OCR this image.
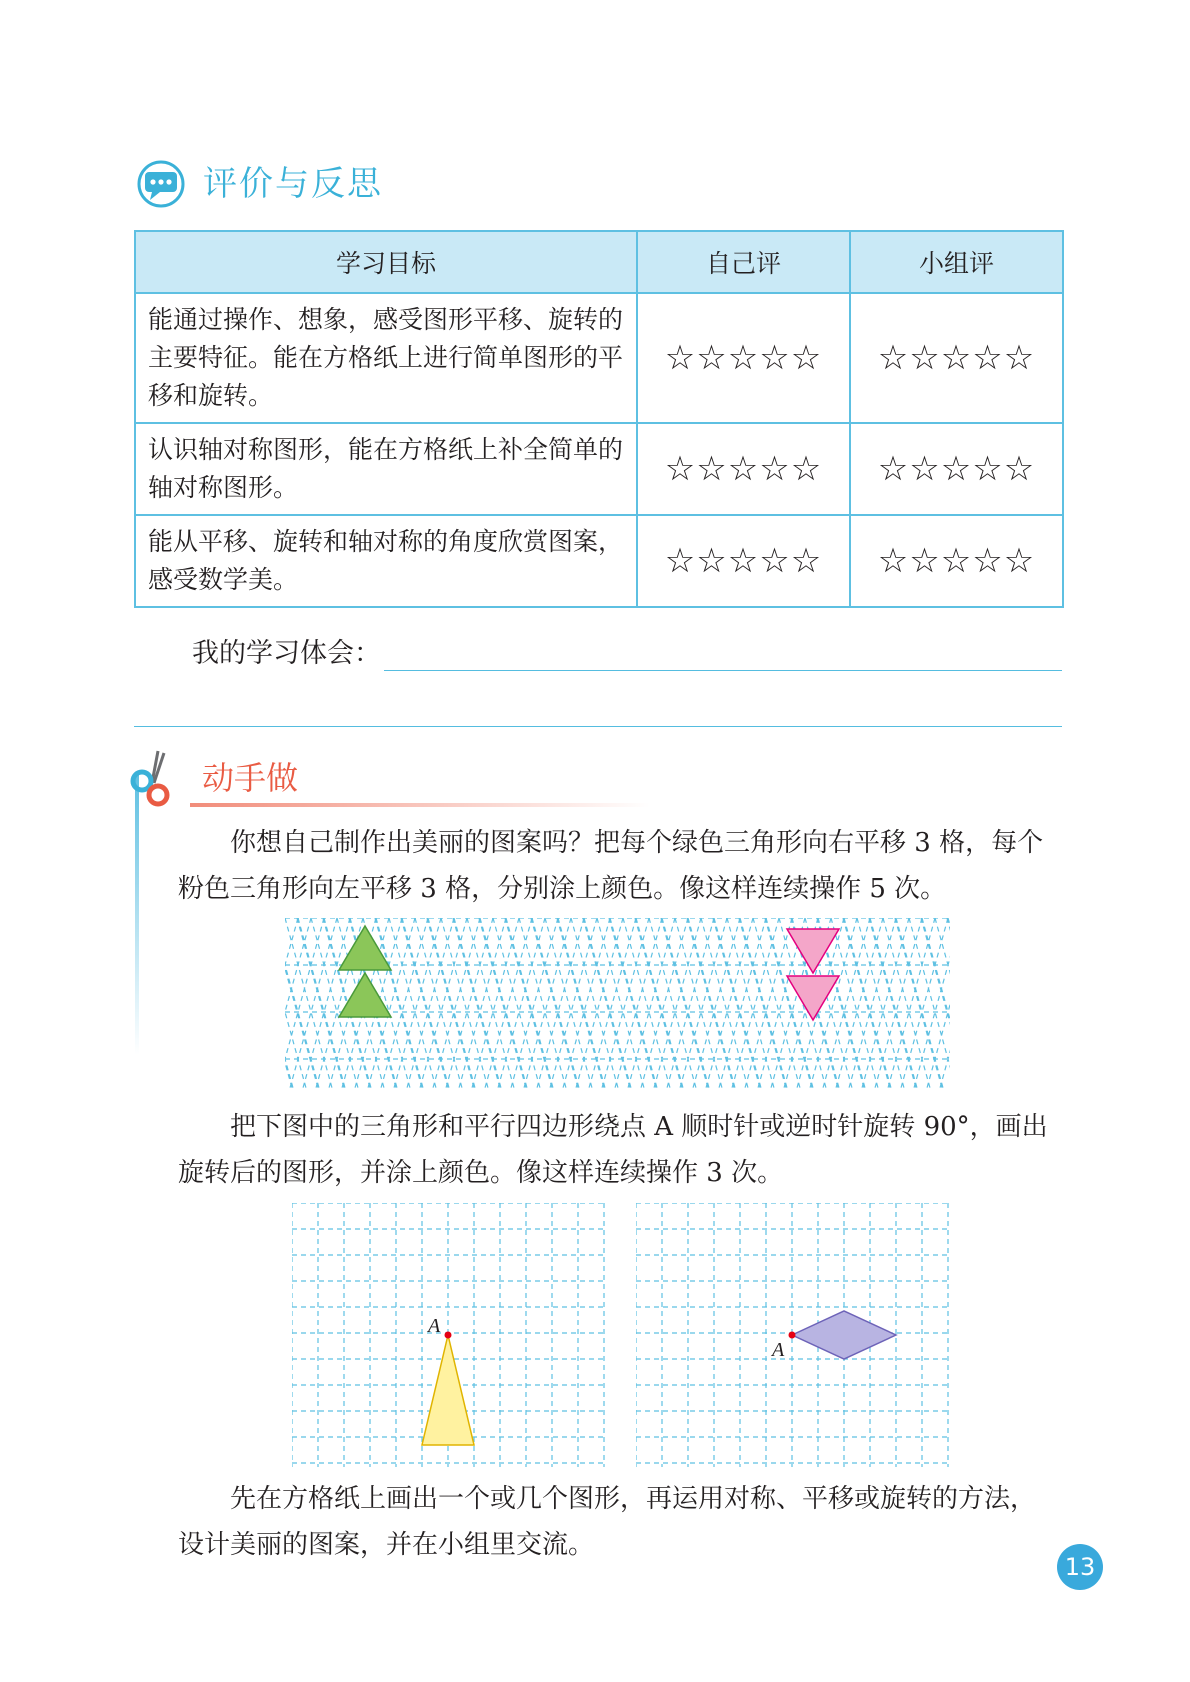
评价与反思
学习目标	自己评	小组评
能通过操作、想象，感受图形平移、旋转的主要特征。能在方格纸上进行简单图形的平移和旋转。	☆☆☆☆☆	☆☆☆☆☆
认识轴对称图形，能在方格纸上补全简单的轴对称图形。	☆☆☆☆☆	☆☆☆☆☆
能从平移、旋转和轴对称的角度欣赏图案，感受数学美。	☆☆☆☆☆	☆☆☆☆☆
我的学习体会：
动手做

你想自己制作出美丽的图案吗？把每个绿色三角形向右平移 3 格，每个粉色三角形向左平移 3 格，分别涂上颜色。像这样连续操作 5 次。

把下图中的三角形和平行四边形绕点 A 顺时针或逆时针旋转 90°，画出旋转后的图形，并涂上颜色。像这样连续操作 3 次。

A
A

先在方格纸上画出一个或几个图形，再运用对称、平移或旋转的方法，设计美丽的图案，并在小组里交流。

13
